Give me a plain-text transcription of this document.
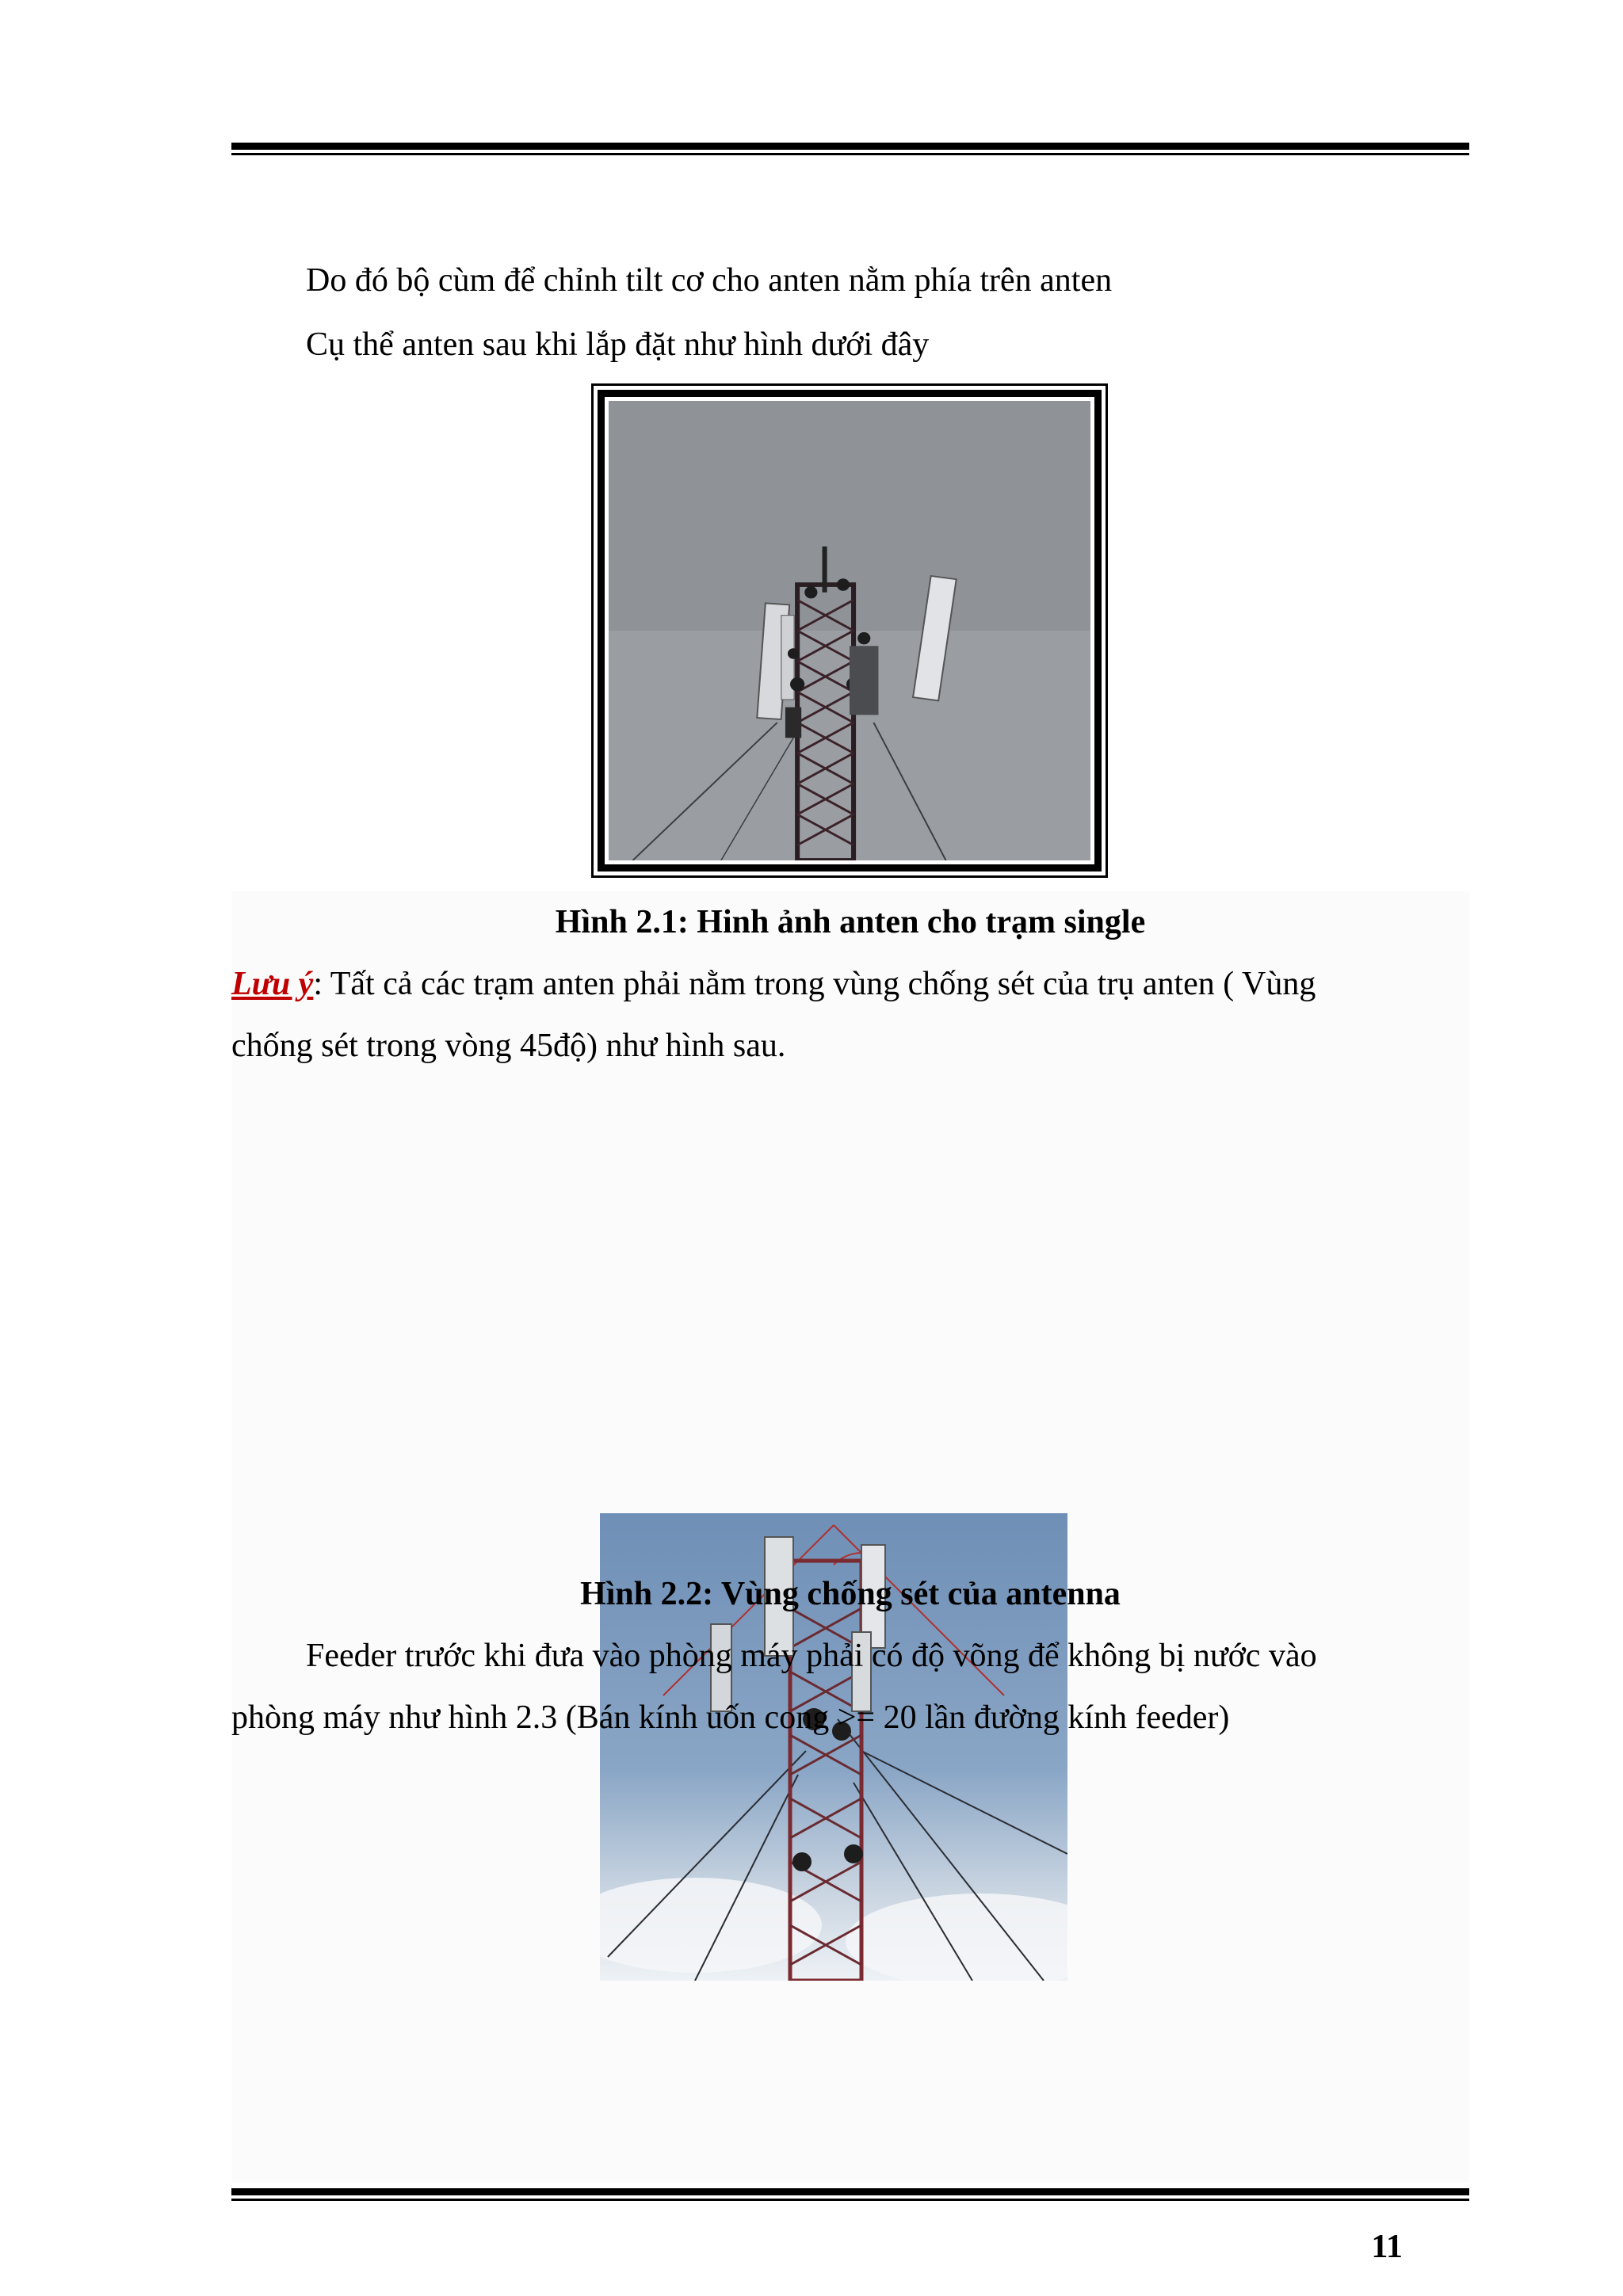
Do đó bộ cùm để chỉnh tilt cơ cho anten nằm phía trên anten
Cụ thể anten sau khi lắp đặt như hình dưới đây
Hình 2.1: Hinh ảnh anten cho trạm single
Lưu ý: Tất cả các trạm anten phải nằm trong vùng chống sét của trụ anten ( Vùng
chống sét trong vòng 45độ) như hình sau.
Hình 2.2: Vùng chống sét của antenna
Feeder trước khi đưa vào phòng máy phải có độ võng để không bị nước vào
phòng máy như hình 2.3 (Bán kính uốn cong >= 20 lần đường kính feeder)
11
